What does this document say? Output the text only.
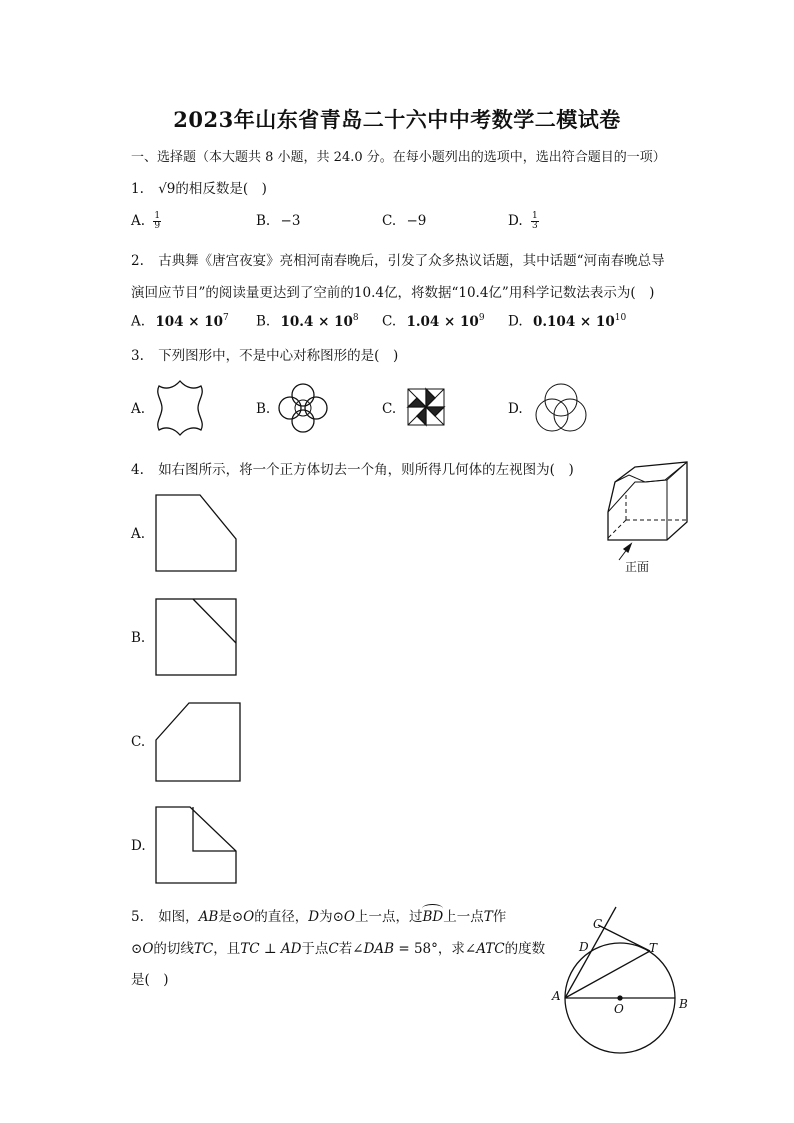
2023年山东省青岛二十六中中考数学二模试卷
一、选择题（本大题共 8 小题，共 24.0 分。在每小题列出的选项中，选出符合题目的一项）
1. √9的相反数是(　)
A. $\frac{1}{9}$	B. −3	C. −9	D. $\frac{1}{3}$
2. 古典舞《唐宫夜宴》亮相河南春晚后，引发了众多热议话题，其中话题“河南春晚总导
演回应节目”的阅读量更达到了空前的10.4亿，将数据“10.4亿”用科学记数法表示为(　)
A. $104 \times 10^7$ B. $10.4 \times 10^8$ C. $1.04 \times 10^9$ D. $0.104 \times 10^{10}$
3. 下列图形中，不是中心对称图形的是(　)
A.	B.	C.	D.
4. 如右图所示，将一个正方体切去一个角，则所得几何体的左视图为(　)
正面
A.
B.
C.
D.
5. 如图，AB是⊙O的直径，D为⊙O上一点，过BD上一点T作
⊙O的切线TC，且TC ⊥ AD于点C若∠DAB = 58°，求∠ATC的度数
是(　)
C
D	T
A
O	B
